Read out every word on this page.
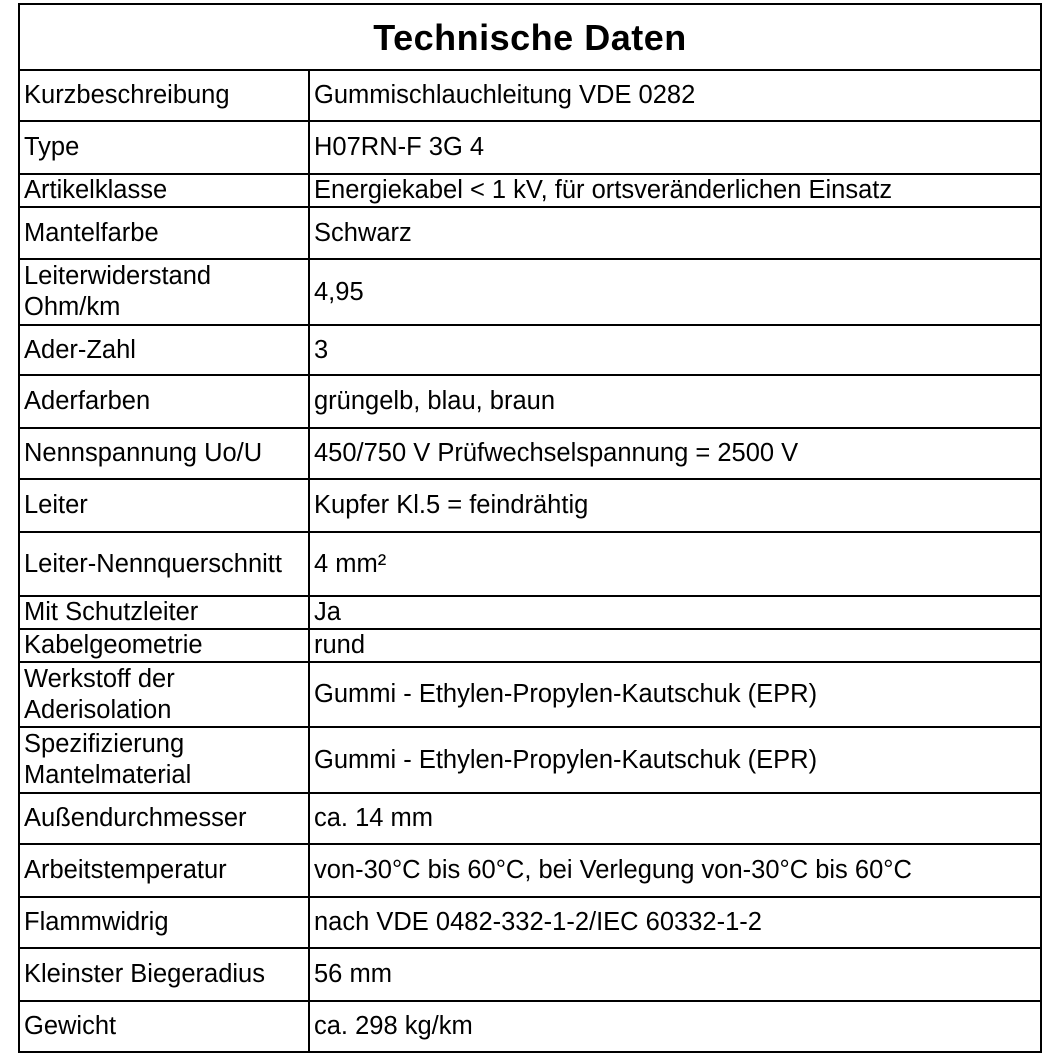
Technische Daten	
Kurzbeschreibung	Gummischlauchleitung VDE 0282
Type	H07RN-F 3G 4
Artikelklasse	Energiekabel < 1 kV, für ortsveränderlichen Einsatz
Mantelfarbe	Schwarz
Leiterwiderstand Ohm/km	4,95
Ader-Zahl	3
Aderfarben	grüngelb, blau, braun
Nennspannung Uo/U	450/750 V Prüfwechselspannung = 2500 V
Leiter	Kupfer Kl.5 = feindrähtig
Leiter-Nennquerschnitt	4 mm²
Mit Schutzleiter	Ja
Kabelgeometrie	rund
Werkstoff der Aderisolation	Gummi - Ethylen-Propylen-Kautschuk (EPR)
Spezifizierung Mantelmaterial	Gummi - Ethylen-Propylen-Kautschuk (EPR)
Außendurchmesser	ca. 14 mm
Arbeitstemperatur	von-30°C bis 60°C, bei Verlegung von-30°C bis 60°C
Flammwidrig	nach VDE 0482-332-1-2/IEC 60332-1-2
Kleinster Biegeradius	56 mm
Gewicht	ca. 298 kg/km
